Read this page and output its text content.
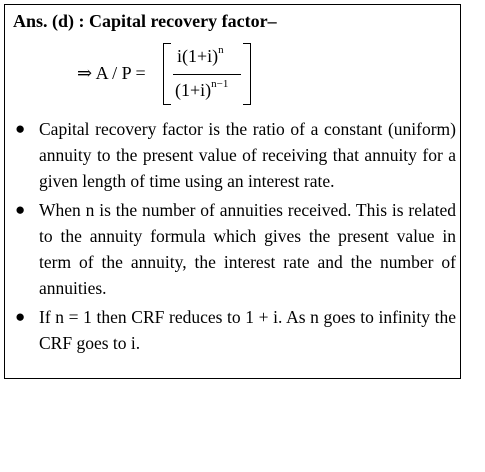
Ans. (d) : Capital recovery factor–
⇒ A / P =
$i(1+i)^n$
$(1+i)^{n-1}$
● Capital recovery factor is the ratio of a constant (uniform) annuity to the present value of receiving that annuity for a given length of time using an interest rate.
● When n is the number of annuities received. This is related to the annuity formula which gives the present value in term of the annuity, the interest rate and the number of annuities.
● If n = 1 then CRF reduces to 1 + i. As n goes to infinity the CRF goes to i.
